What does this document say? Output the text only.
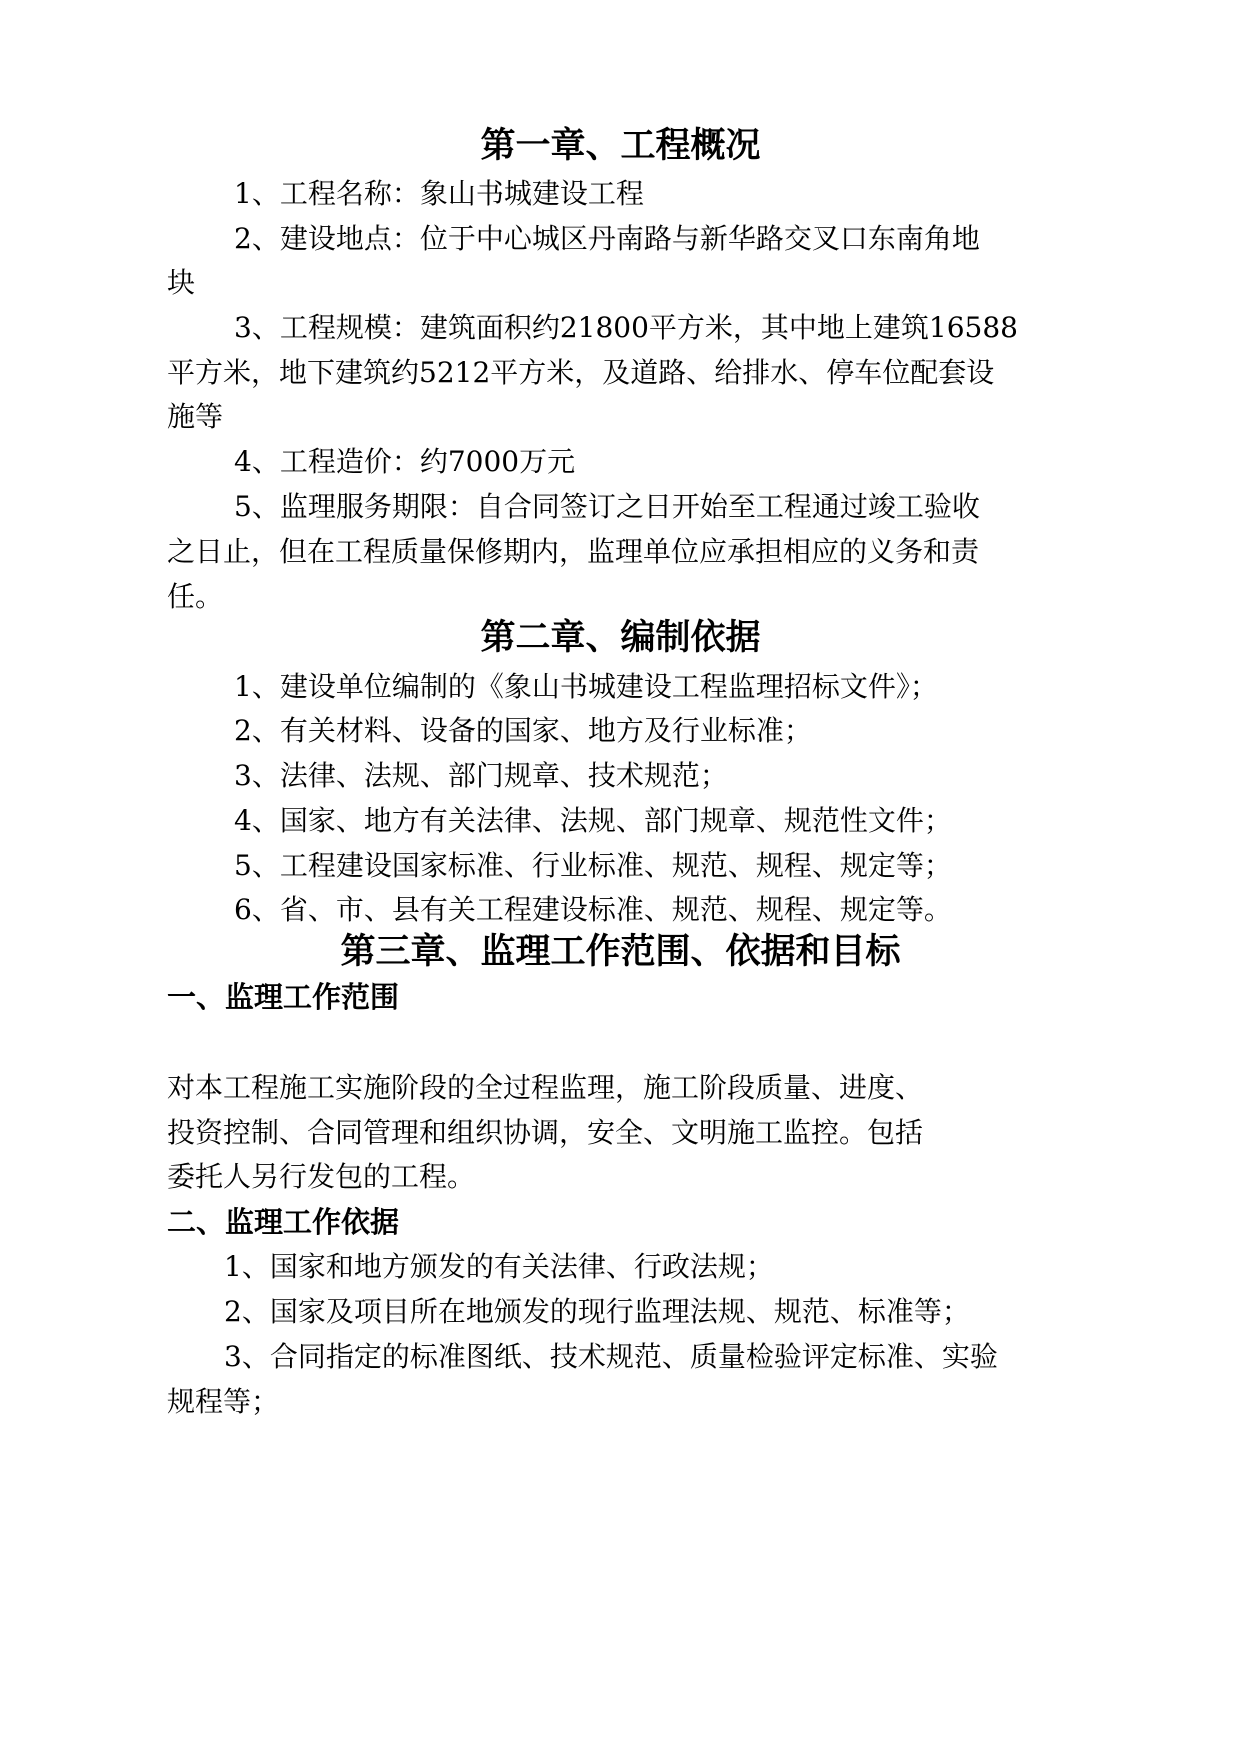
第一章、工程概况
1、工程名称：象山书城建设工程
2、建设地点：位于中心城区丹南路与新华路交叉口东南角地
块
3、工程规模：建筑面积约21800平方米，其中地上建筑16588
平方米，地下建筑约5212平方米，及道路、给排水、停车位配套设
施等
4、工程造价：约7000万元
5、监理服务期限：自合同签订之日开始至工程通过竣工验收
之日止，但在工程质量保修期内，监理单位应承担相应的义务和责
任。
第二章、编制依据
1、建设单位编制的《象山书城建设工程监理招标文件》；
2、有关材料、设备的国家、地方及行业标准；
3、法律、法规、部门规章、技术规范；
4、国家、地方有关法律、法规、部门规章、规范性文件；
5、工程建设国家标准、行业标准、规范、规程、规定等；
6、省、市、县有关工程建设标准、规范、规程、规定等。
第三章、监理工作范围、依据和目标
一、监理工作范围
对本工程施工实施阶段的全过程监理，施工阶段质量、进度、
投资控制、合同管理和组织协调，安全、文明施工监控。包括
委托人另行发包的工程。
二、监理工作依据
1、国家和地方颁发的有关法律、行政法规；
2、国家及项目所在地颁发的现行监理法规、规范、标准等；
3、合同指定的标准图纸、技术规范、质量检验评定标准、实验
规程等；
